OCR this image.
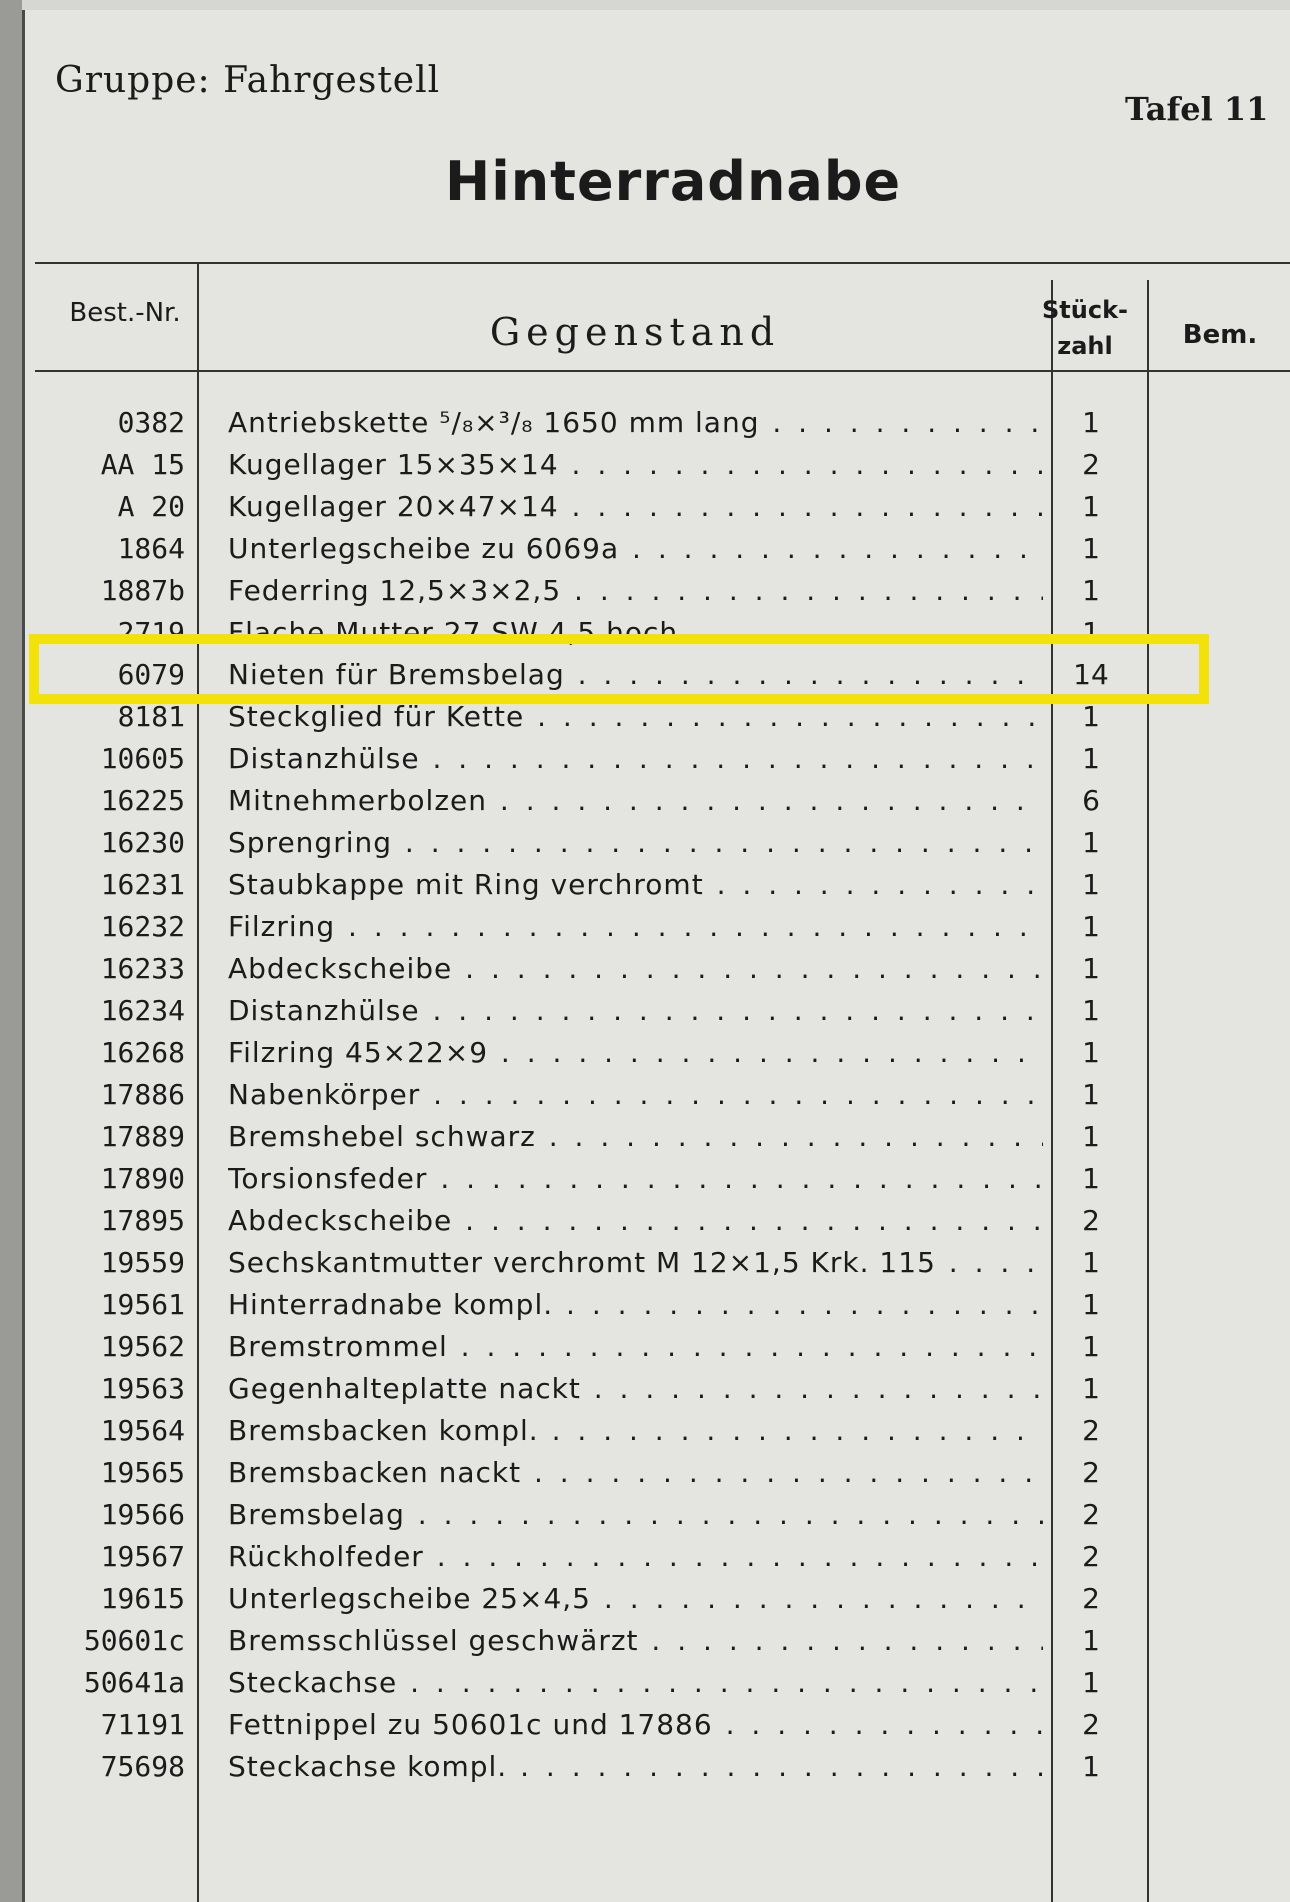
Gruppe: Fahrgestell
Tafel 11
Hinterradnabe
Best.-Nr.	Gegenstand	Stück-
zahl	Bem.
0382 Antriebskette ⁵/₈×³/₈ 1650 mm lang . . .	1
AA 15 Kugellager 15×35×14 . . .	2
A 20 Kugellager 20×47×14 . . .	1
1864 Unterlegscheibe zu 6069a . . .	1
1887b Federring 12,5×3×2,5 . . .	1
2719 Flache Mutter 27 SW 4,5 hoch . . .	1
6079 Nieten für Bremsbelag . . .	14
8181 Steckglied für Kette . . .	1
10605 Distanzhülse . . .	1
16225 Mitnehmerbolzen . . .	6
16230 Sprengring . . .	1
16231 Staubkappe mit Ring verchromt . . .	1
16232 Filzring . . .	1
16233 Abdeckscheibe . . .	1
16234 Distanzhülse . . .	1
16268 Filzring 45×22×9 . . .	1
17886 Nabenkörper . . .	1
17889 Bremshebel schwarz . . .	1
17890 Torsionsfeder . . .	1
17895 Abdeckscheibe . . .	2
19559 Sechskantmutter verchromt M 12×1,5 Krk. 115 . . .	1
19561 Hinterradnabe kompl. . . .	1
19562 Bremstrommel . . .	1
19563 Gegenhalteplatte nackt . . .	1
19564 Bremsbacken kompl. . . .	2
19565 Bremsbacken nackt . . .	2
19566 Bremsbelag . . .	2
19567 Rückholfeder . . .	2
19615 Unterlegscheibe 25×4,5 . . .	2
50601c Bremsschlüssel geschwärzt . . .	1
50641a Steckachse . . .	1
71191 Fettnippel zu 50601c und 17886 . . .	2
75698 Steckachse kompl. . . .	1
